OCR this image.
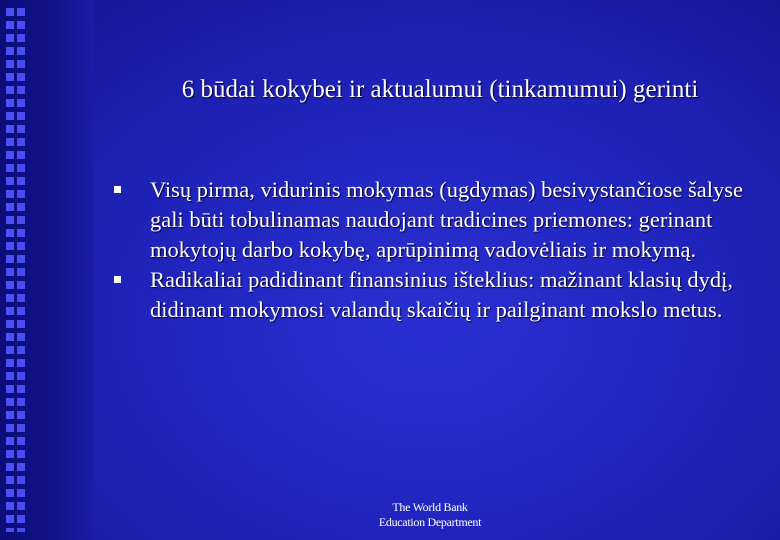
6 būdai kokybei ir aktualumui (tinkamumui) gerinti
Visų pirma, vidurinis mokymas (ugdymas) besivystančiose šalyse gali būti tobulinamas naudojant tradicines priemones: gerinant mokytojų darbo kokybę, aprūpinimą vadovėliais ir mokymą.
Radikaliai padidinant finansinius išteklius: mažinant klasių dydį, didinant mokymosi valandų skaičių ir pailginant mokslo metus.
The World Bank
Education Department
